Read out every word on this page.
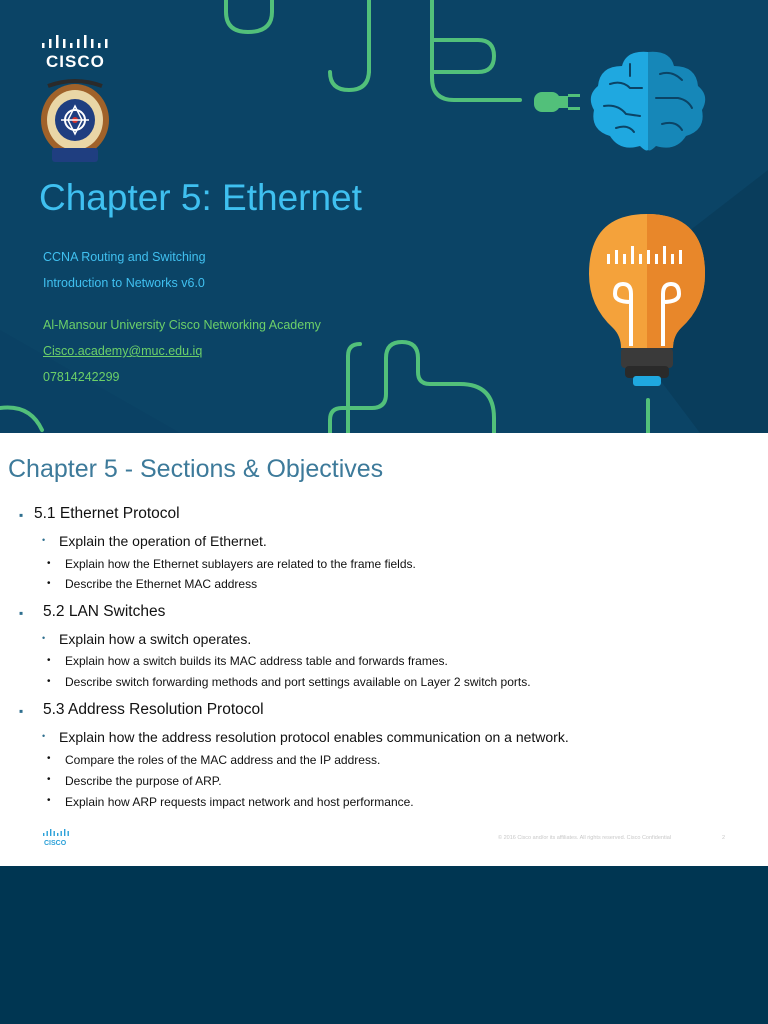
CISCO
Chapter 5: Ethernet
CCNA Routing and Switching
Introduction to Networks v6.0
Al-Mansour University Cisco Networking Academy
Cisco.academy@muc.edu.iq
07814242299
Chapter 5 - Sections & Objectives
▪ 5.1 Ethernet Protocol
• Explain the operation of Ethernet.
• Explain how the Ethernet sublayers are related to the frame fields.
• Describe the Ethernet MAC address
▪ 5.2 LAN Switches
• Explain how a switch operates.
• Explain how a switch builds its MAC address table and forwards frames.
• Describe switch forwarding methods and port settings available on Layer 2 switch ports.
▪ 5.3 Address Resolution Protocol
• Explain how the address resolution protocol enables communication on a network.
• Compare the roles of the MAC address and the IP address.
• Describe the purpose of ARP.
• Explain how ARP requests impact network and host performance.
CISCO
© 2016 Cisco and/or its affiliates. All rights reserved. Cisco Confidential	2
